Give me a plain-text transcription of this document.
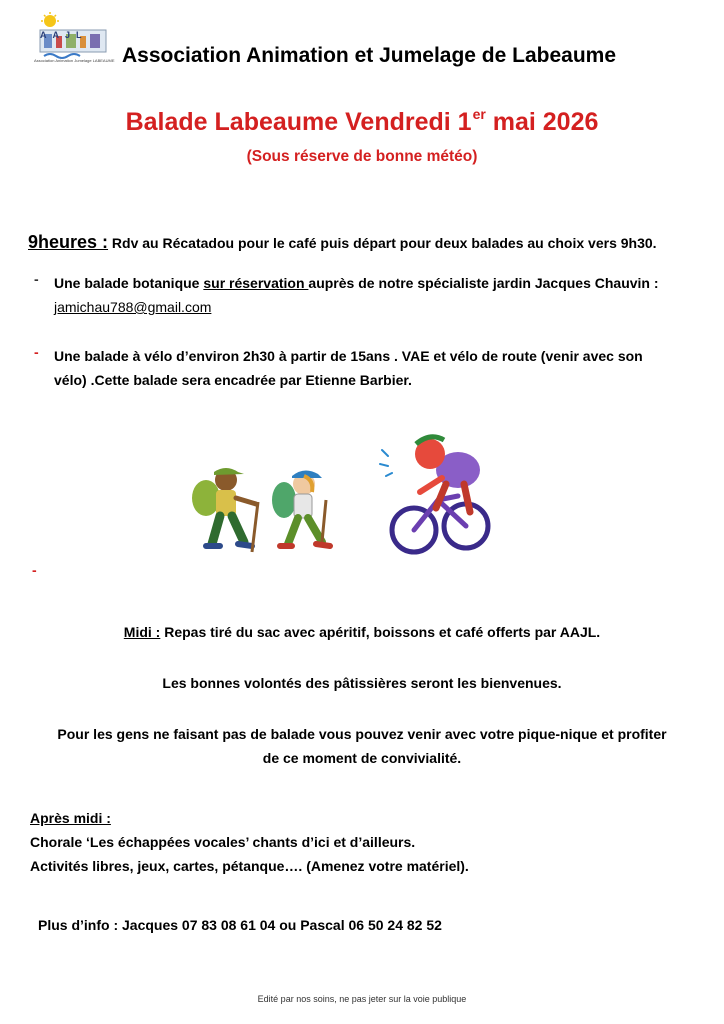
Association Animation Jumelage LABEAUME
AAJL
Association Animation et Jumelage de Labeaume
Balade Labeaume Vendredi 1er mai 2026
(Sous réserve de bonne météo)
9heures : Rdv au Récatadou pour le café puis départ pour deux balades au choix vers 9h30.
- Une balade botanique sur réservation auprès de notre spécialiste jardin Jacques Chauvin :
jamichau788@gmail.com
- Une balade à vélo d’environ 2h30 à partir de 15ans . VAE et vélo de route (venir avec son
vélo) .Cette balade sera encadrée par Etienne Barbier.
-
Midi : Repas tiré du sac avec apéritif, boissons et café offerts par AAJL.
Les bonnes volontés des pâtissières seront les bienvenues.
Pour les gens ne faisant pas de balade vous pouvez venir avec votre pique-nique et profiter
de ce moment de convivialité.
Après midi :
Chorale ‘Les échappées vocales’ chants d’ici et d’ailleurs.
Activités libres, jeux, cartes, pétanque…. (Amenez votre matériel).
Plus d’info : Jacques 07 83 08 61 04 ou Pascal 06 50 24 82 52
Edité par nos soins, ne pas jeter sur la voie publique
